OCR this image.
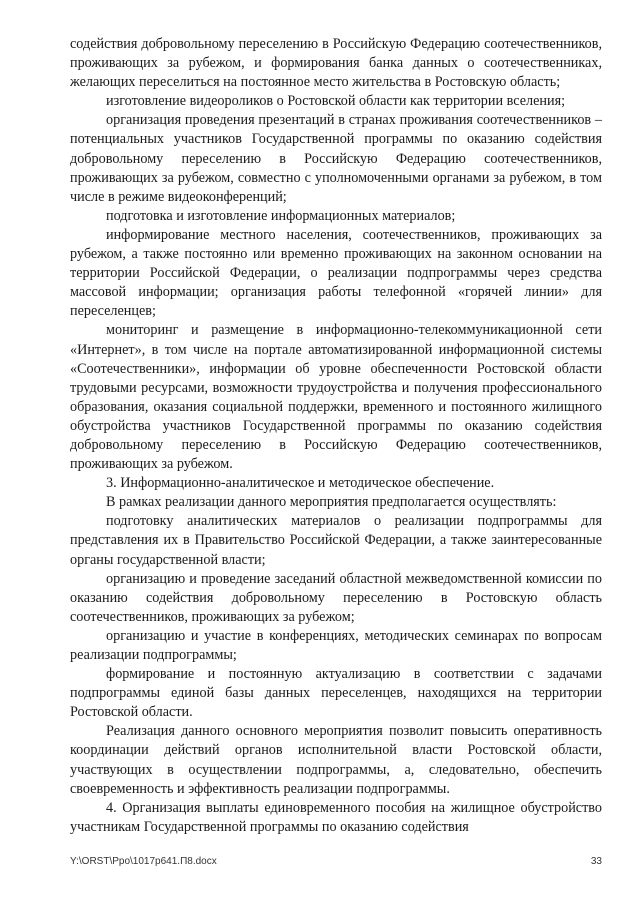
содействия добровольному переселению в Российскую Федерацию соотечественников, проживающих за рубежом, и формирования банка данных о соотечественниках, желающих переселиться на постоянное место жительства в Ростовскую область;

изготовление видеороликов о Ростовской области как территории вселения;

организация проведения презентаций в странах проживания соотечественников – потенциальных участников Государственной программы по оказанию содействия добровольному переселению в Российскую Федерацию соотечественников, проживающих за рубежом, совместно с уполномоченными органами за рубежом, в том числе в режиме видеоконференций;

подготовка и изготовление информационных материалов;

информирование местного населения, соотечественников, проживающих за рубежом, а также постоянно или временно проживающих на законном основании на территории Российской Федерации, о реализации подпрограммы через средства массовой информации; организация работы телефонной «горячей линии» для переселенцев;

мониторинг и размещение в информационно-телекоммуникационной сети «Интернет», в том числе на портале автоматизированной информационной системы «Соотечественники», информации об уровне обеспеченности Ростовской области трудовыми ресурсами, возможности трудоустройства и получения профессионального образования, оказания социальной поддержки, временного и постоянного жилищного обустройства участников Государственной программы по оказанию содействия добровольному переселению в Российскую Федерацию соотечественников, проживающих за рубежом.

3. Информационно-аналитическое и методическое обеспечение.

В рамках реализации данного мероприятия предполагается осуществлять:

подготовку аналитических материалов о реализации подпрограммы для представления их в Правительство Российской Федерации, а также заинтересованные органы государственной власти;

организацию и проведение заседаний областной межведомственной комиссии по оказанию содействия добровольному переселению в Ростовскую область соотечественников, проживающих за рубежом;

организацию и участие в конференциях, методических семинарах по вопросам реализации подпрограммы;

формирование и постоянную актуализацию в соответствии с задачами подпрограммы единой базы данных переселенцев, находящихся на территории Ростовской области.

Реализация данного основного мероприятия позволит повысить оперативность координации действий органов исполнительной власти Ростовской области, участвующих в осуществлении подпрограммы, а, следовательно, обеспечить своевременность и эффективность реализации подпрограммы.

4. Организация выплаты единовременного пособия на жилищное обустройство участникам Государственной программы по оказанию содействия

Y:\ORST\Ppo\1017p641.П8.docx	33
